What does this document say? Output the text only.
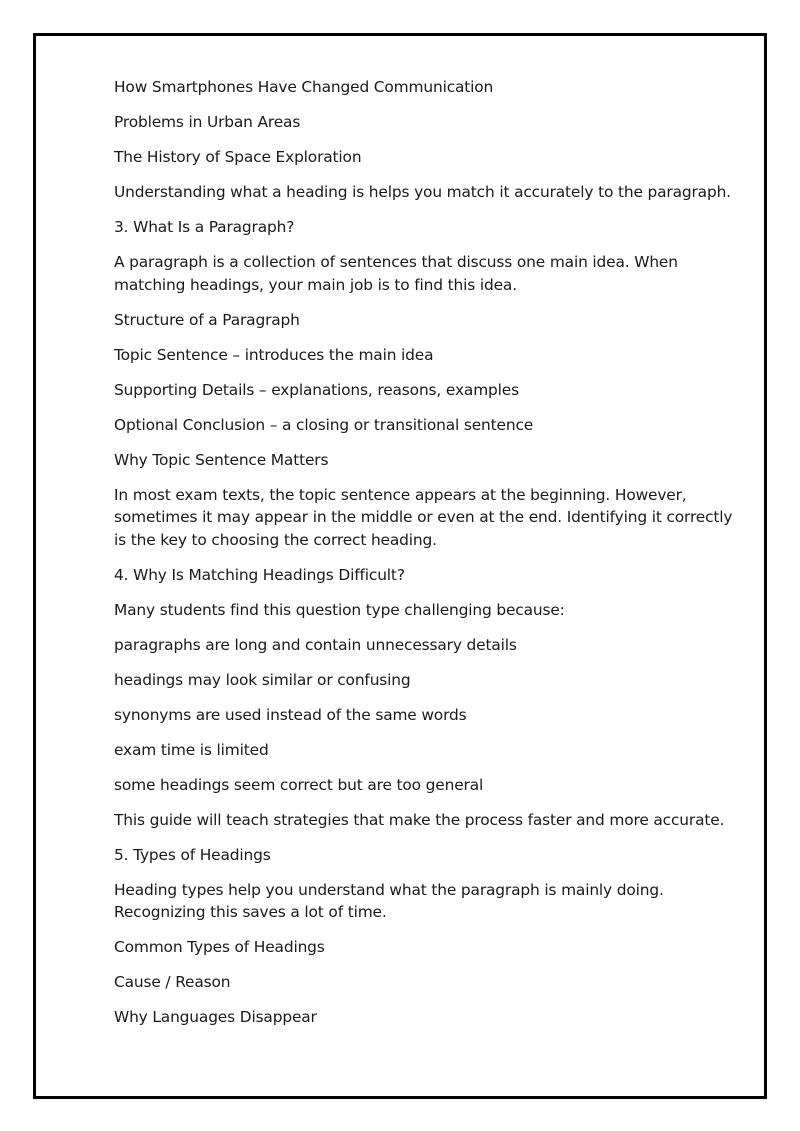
How Smartphones Have Changed Communication

Problems in Urban Areas

The History of Space Exploration

Understanding what a heading is helps you match it accurately to the paragraph.

3. What Is a Paragraph?

A paragraph is a collection of sentences that discuss one main idea. When matching headings, your main job is to find this idea.

Structure of a Paragraph

Topic Sentence – introduces the main idea

Supporting Details – explanations, reasons, examples

Optional Conclusion – a closing or transitional sentence

Why Topic Sentence Matters

In most exam texts, the topic sentence appears at the beginning. However, sometimes it may appear in the middle or even at the end. Identifying it correctly is the key to choosing the correct heading.

4. Why Is Matching Headings Difficult?

Many students find this question type challenging because:

paragraphs are long and contain unnecessary details

headings may look similar or confusing

synonyms are used instead of the same words

exam time is limited

some headings seem correct but are too general

This guide will teach strategies that make the process faster and more accurate.

5. Types of Headings

Heading types help you understand what the paragraph is mainly doing. Recognizing this saves a lot of time.

Common Types of Headings

Cause / Reason

Why Languages Disappear
